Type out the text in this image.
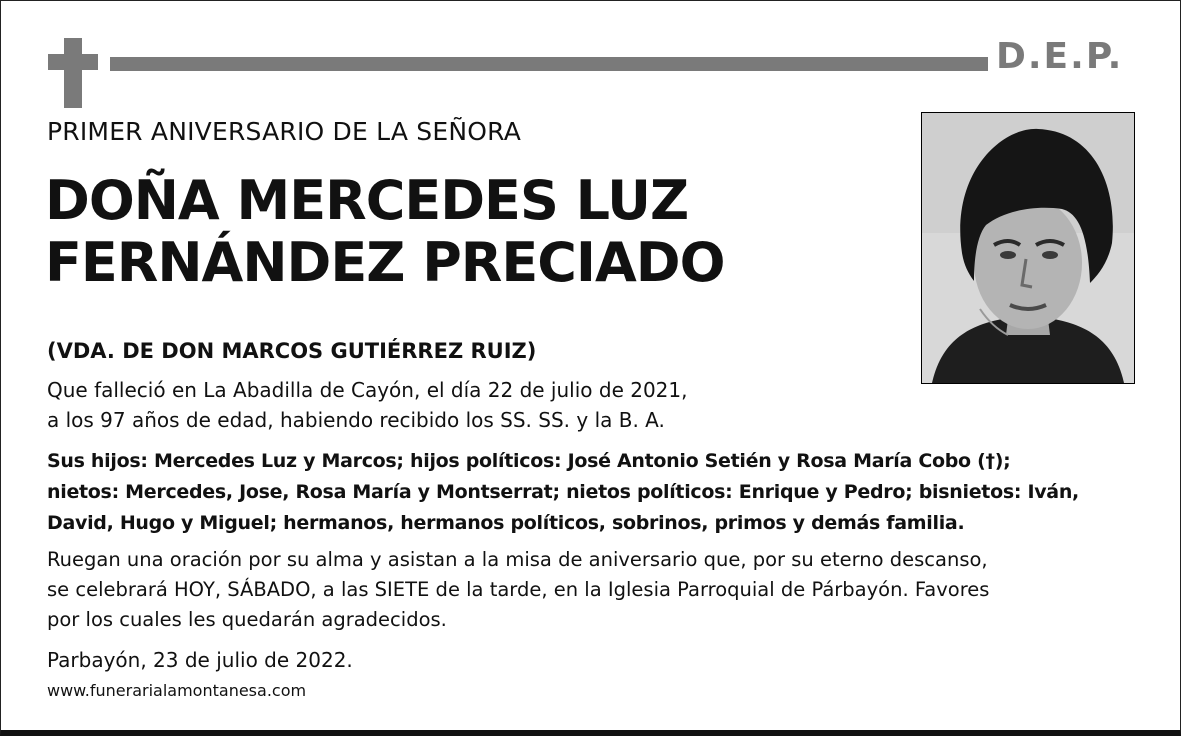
D.E.P.
PRIMER ANIVERSARIO DE LA SEÑORA
DOÑA MERCEDES LUZ
FERNÁNDEZ PRECIADO
(VDA. DE DON MARCOS GUTIÉRREZ RUIZ)
Que falleció en La Abadilla de Cayón, el día 22 de julio de 2021,
a los 97 años de edad, habiendo recibido los SS. SS. y la B. A.
Sus hijos: Mercedes Luz y Marcos; hijos políticos: José Antonio Setién y Rosa María Cobo (†);
nietos: Mercedes, Jose, Rosa María y Montserrat; nietos políticos: Enrique y Pedro; bisnietos: Iván,
David, Hugo y Miguel; hermanos, hermanos políticos, sobrinos, primos y demás familia.
Ruegan una oración por su alma y asistan a la misa de aniversario que, por su eterno descanso,
se celebrará HOY, SÁBADO, a las SIETE de la tarde, en la Iglesia Parroquial de Párbayón. Favores
por los cuales les quedarán agradecidos.
Parbayón, 23 de julio de 2022.
www.funerarialamontanesa.com
